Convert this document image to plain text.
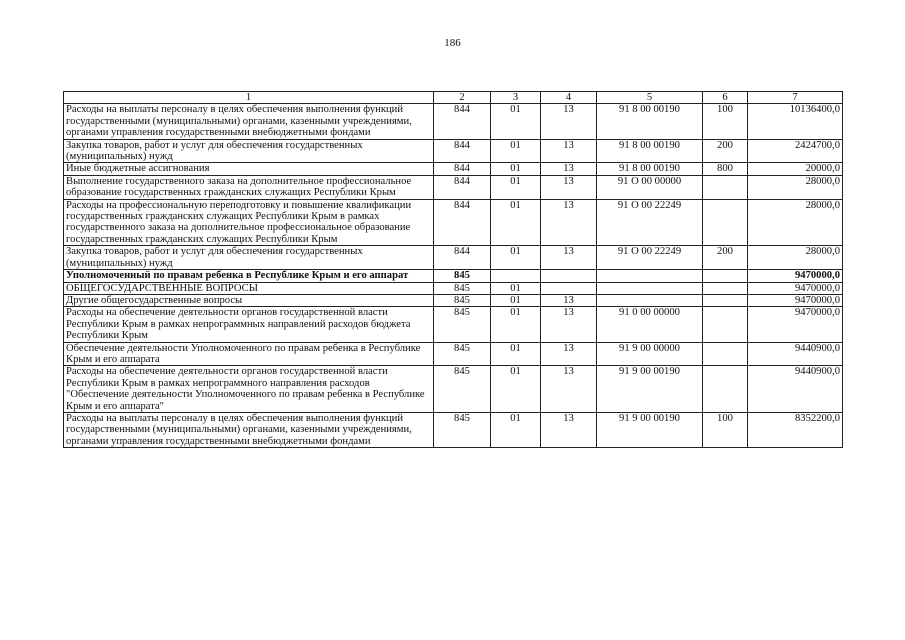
186
1	2	3	4	5	6	7
Расходы на выплаты персоналу в целях обеспечения выполнения функций государственными (муниципальными) органами, казенными учреждениями, органами управления государственными внебюджетными фондами	844	01	13	91 8 00 00190	100	10136400,0
Закупка товаров, работ и услуг для обеспечения государственных (муниципальных) нужд	844	01	13	91 8 00 00190	200	2424700,0
Иные бюджетные ассигнования	844	01	13	91 8 00 00190	800	20000,0
Выполнение государственного заказа на дополнительное профессиональное образование государственных гражданских служащих Республики Крым	844	01	13	91 О 00 00000		28000,0
Расходы на профессиональную переподготовку и повышение квалификации государственных гражданских служащих Республики Крым в рамках государственного заказа на дополнительное профессиональное образование государственных гражданских служащих Республики Крым	844	01	13	91 О 00 22249		28000,0
Закупка товаров, работ и услуг для обеспечения государственных (муниципальных) нужд	844	01	13	91 О 00 22249	200	28000,0
Уполномоченный по правам ребенка в Республике Крым и его аппарат	845					9470000,0
ОБЩЕГОСУДАРСТВЕННЫЕ ВОПРОСЫ	845	01				9470000,0
Другие общегосударственные вопросы	845	01	13			9470000,0
Расходы на обеспечение деятельности органов государственной власти Республики Крым в рамках непрограммных направлений расходов бюджета Республики Крым	845	01	13	91 0 00 00000		9470000,0
Обеспечение деятельности Уполномоченного по правам ребенка в Республике Крым и его аппарата	845	01	13	91 9 00 00000		9440900,0
Расходы на обеспечение деятельности органов государственной власти Республики Крым в рамках непрограммного направления расходов "Обеспечение деятельности Уполномоченного по правам ребенка в Республике Крым и его аппарата"	845	01	13	91 9 00 00190		9440900,0
Расходы на выплаты персоналу в целях обеспечения выполнения функций государственными (муниципальными) органами, казенными учреждениями, органами управления государственными внебюджетными фондами	845	01	13	91 9 00 00190	100	8352200,0
